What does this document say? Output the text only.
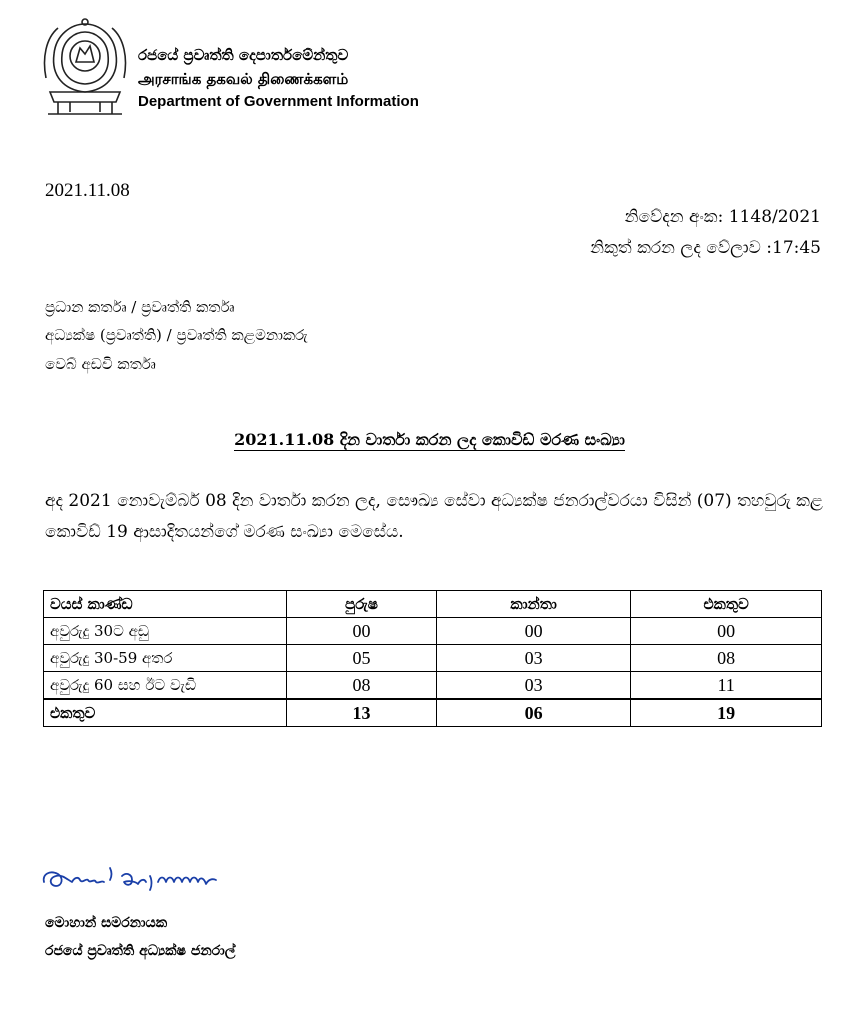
රජයේ ප්‍රවෘත්ති දෙපාර්තමේන්තුව
அரசாங்க தகவல் திணைக்களம்
Department of Government Information
2021.11.08
නිවේදන අංක: 1148/2021
නිකුත් කරන ලද වේලාව :17:45
ප්‍රධාන කර්තෘ / ප්‍රවෘත්ති කර්තෘ
අධ්‍යක්ෂ (ප්‍රවෘත්ති) / ප්‍රවෘත්ති කළමනාකරු
වෙබ් අඩවි කර්තෘ
2021.11.08 දින වාර්තා කරන ලද කොවිඩ් මරණ සංඛ්‍යා
අද 2021 නොවැම්බර් 08 දින වාර්තා කරන ලද, සෞඛ්‍ය සේවා අධ්‍යක්ෂ ජනරාල්වරයා විසින් (07) තහවුරු කළ කොවිඩ් 19 ආසාදිතයන්ගේ මරණ සංඛ්‍යා මෙසේය.
වයස් කාණ්ඩ	පුරුෂ	කාන්තා	එකතුව
අවුරුදු 30ට අඩු	00	00	00
අවුරුදු 30-59 අතර	05	03	08
අවුරුදු 60 සහ ඊට වැඩි	08	03	11
එකතුව	13	06	19
මොහාන් සමරනායක
රජයේ ප්‍රවෘත්ති අධ්‍යක්ෂ ජනරාල්
